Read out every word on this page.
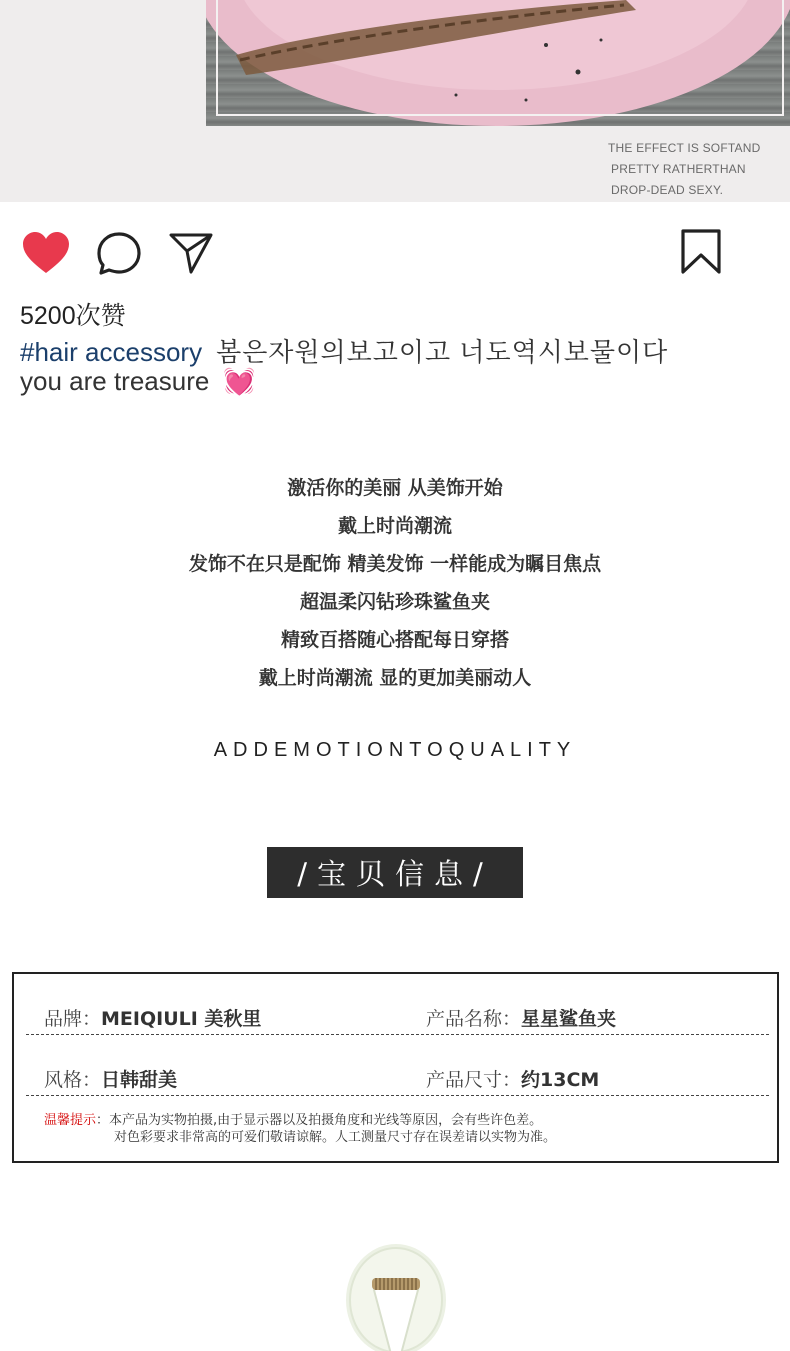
THE EFFECT IS SOFTAND
PRETTY RATHERTHAN
DROP-DEAD SEXY.
5200次赞
#hair accessory 봄은자원의보고이고 너도역시보물이다
you are treasure 💓
激活你的美丽 从美饰开始
戴上时尚潮流
发饰不在只是配饰 精美发饰 一样能成为瞩目焦点
超温柔闪钻珍珠鲨鱼夹
精致百搭随心搭配每日穿搭
戴上时尚潮流 显的更加美丽动人
ADDEMOTIONTOQUALITY
/宝贝信息/
品牌：MEIQIULI 美秋里	产品名称：星星鲨鱼夹
风格：日韩甜美	产品尺寸：约13CM
温馨提示：本产品为实物拍摄,由于显示器以及拍摄角度和光线等原因，会有些许色差。
对色彩要求非常高的可爱们敬请谅解。人工测量尺寸存在误差请以实物为准。
